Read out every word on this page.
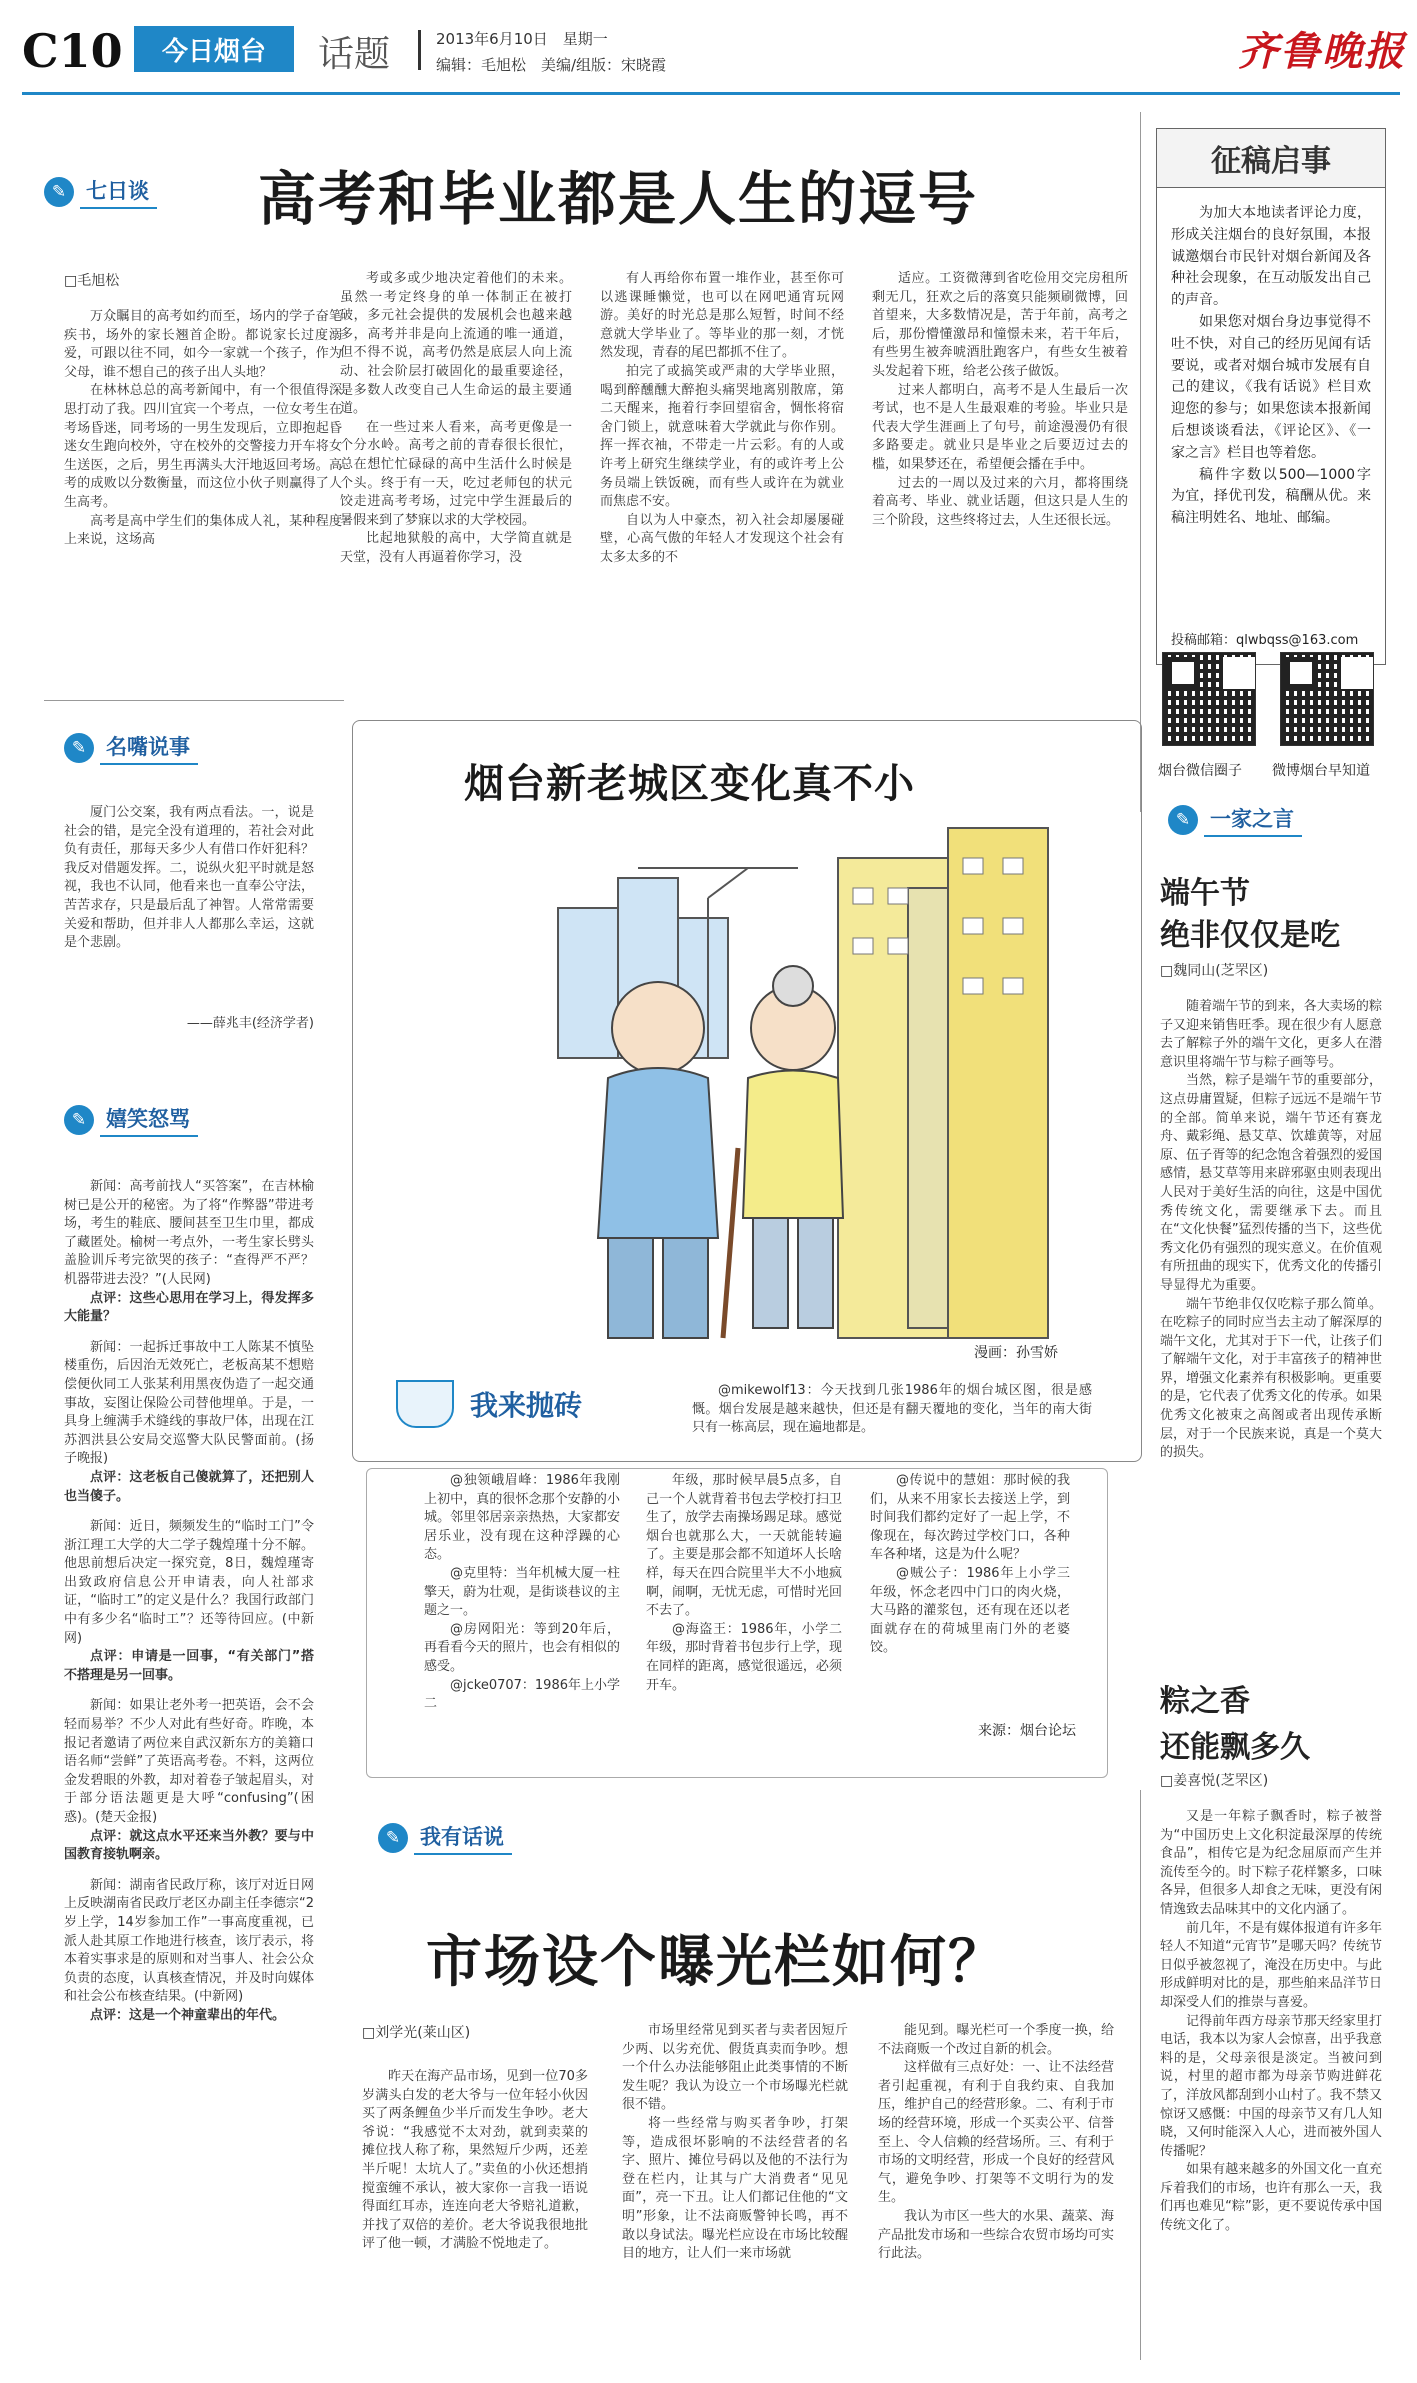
C10	今日烟台	话题	2013年6月10日　星期一
编辑：毛旭松　美编/组版：宋晓霞	齐鲁晚报
✎ 七日谈 高考和毕业都是人生的逗号
□毛旭松

万众瞩目的高考如约而至，场内的学子奋笔疾书，场外的家长翘首企盼。都说家长过度溺爱，可跟以往不同，如今一家就一个孩子，作为父母，谁不想自己的孩子出人头地？

在林林总总的高考新闻中，有一个很值得深思打动了我。四川宜宾一个考点，一位女考生在考场昏迷，同考场的一男生发现后，立即抱起昏迷女生跑向校外，守在校外的交警接力开车将女生送医，之后，男生再满头大汗地返回考场。高考的成败以分数衡量，而这位小伙子则赢得了人生高考。

高考是高中学生们的集体成人礼，某种程度上来说，这场高

考或多或少地决定着他们的未来。虽然一考定终身的单一体制正在被打破，多元社会提供的发展机会也越来越多，高考并非是向上流通的唯一通道，但不得不说，高考仍然是底层人向上流动、社会阶层打破固化的最重要途径，是多数人改变自己人生命运的最主要通道。

在一些过来人看来，高考更像是一个分水岭。高考之前的青春很长很忙，总在想忙忙碌碌的高中生活什么时候是个头。终于有一天，吃过老师包的状元饺走进高考考场，过完中学生涯最后的暑假来到了梦寐以求的大学校园。

比起地狱般的高中，大学简直就是天堂，没有人再逼着你学习，没

有人再给你布置一堆作业，甚至你可以逃课睡懒觉，也可以在网吧通宵玩网游。美好的时光总是那么短暂，时间不经意就大学毕业了。等毕业的那一刻，才恍然发现，青春的尾巴都抓不住了。

拍完了或搞笑或严肃的大学毕业照，喝到醉醺醺大醉抱头痛哭地离别散席，第二天醒来，拖着行李回望宿舍，惆怅将宿舍门锁上，就意味着大学就此与你作别。挥一挥衣袖，不带走一片云彩。有的人或许考上研究生继续学业，有的或许考上公务员端上铁饭碗，而有些人或许在为就业而焦虑不安。

自以为人中豪杰，初入社会却屡屡碰壁，心高气傲的年轻人才发现这个社会有太多太多的不

适应。工资微薄到省吃俭用交完房租所剩无几，狂欢之后的落寞只能频刷微博，回首望来，大多数情况是，苦于年前，高考之后，那份懵懂激昂和憧憬未来，若干年后，有些男生被奔唬酒肚跑客户，有些女生被着头发起着下班，给老公孩子做饭。

过来人都明白，高考不是人生最后一次考试，也不是人生最艰难的考验。毕业只是代表大学生涯画上了句号，前途漫漫仍有很多路要走。就业只是毕业之后要迈过去的槛，如果梦还在，希望便会播在手中。

过去的一周以及过来的六月，都将围绕着高考、毕业、就业话题，但这只是人生的三个阶段，这些终将过去，人生还很长远。

征稿启事

为加大本地读者评论力度，形成关注烟台的良好氛围，本报诚邀烟台市民针对烟台新闻及各种社会现象，在互动版发出自己的声音。

如果您对烟台身边事觉得不吐不快，对自己的经历见闻有话要说，或者对烟台城市发展有自己的建议，《我有话说》栏目欢迎您的参与；如果您读本报新闻后想谈谈看法，《评论区》、《一家之言》栏目也等着您。

稿件字数以500—1000字为宜，择优刊发，稿酬从优。来稿注明姓名、地址、邮编。

投稿邮箱：qlwbqss@163.com
烟台微信圈子 微博烟台早知道
✎ 名嘴说事

厦门公交案，我有两点看法。一，说是社会的错，是完全没有道理的，若社会对此负有责任，那每天多少人有借口作奸犯科？我反对借题发挥。二，说纵火犯平时就是怒视，我也不认同，他看来也一直奉公守法，苦苦求存，只是最后乱了神智。人常常需要关爱和帮助，但并非人人都那么幸运，这就是个悲剧。

——薛兆丰(经济学者)
✎ 嬉笑怒骂

新闻：高考前找人“买答案”，在吉林榆树已是公开的秘密。为了将“作弊器”带进考场，考生的鞋底、腰间甚至卫生巾里，都成了藏匿处。榆树一考点外，一考生家长劈头盖脸训斥考完欲哭的孩子：“查得严不严？机器带进去没？”(人民网)

点评：这些心思用在学习上，得发挥多大能量？

新闻：一起拆迁事故中工人陈某不慎坠楼重伤，后因治无效死亡，老板高某不想赔偿便伙同工人张某利用黑夜伪造了一起交通事故，妄图让保险公司替他埋单。于是，一具身上缠满手术缝线的事故尸体，出现在江苏泗洪县公安局交巡警大队民警面前。(扬子晚报)

点评：这老板自己傻就算了，还把别人也当傻子。

新闻：近日，频频发生的“临时工门”令浙江理工大学的大二学子魏煌瑾十分不解。他思前想后决定一探究竟，8日，魏煌瑾寄出致政府信息公开申请表，向人社部求证，“临时工”的定义是什么？我国行政部门中有多少名“临时工”？还等待回应。(中新网)

点评：申请是一回事，“有关部门”搭不搭理是另一回事。

新闻：如果让老外考一把英语，会不会轻而易举？不少人对此有些好奇。昨晚，本报记者邀请了两位来自武汉新东方的美籍口语名师“尝鲜”了英语高考卷。不料，这两位金发碧眼的外教，却对着卷子皱起眉头，对于部分语法题更是大呼“confusing”(困惑)。(楚天金报)

点评：就这点水平还来当外教？要与中国教育接轨啊亲。

新闻：湖南省民政厅称，该厅对近日网上反映湖南省民政厅老区办副主任李德宗“2岁上学，14岁参加工作”一事高度重视，已派人赴其原工作地进行核查，该厅表示，将本着实事求是的原则和对当事人、社会公众负责的态度，认真核查情况，并及时向媒体和社会公布核查结果。(中新网)

点评：这是一个神童辈出的年代。

烟台新老城区变化真不小
漫画：孙雪娇
我来抛砖	@mikewolf13：今天找到几张1986年的烟台城区图，很是感慨。烟台发展是越来越快，但还是有翻天覆地的变化，当年的南大街只有一栋高层，现在遍地都是。

@独领峨眉峰：1986年我刚上初中，真的很怀念那个安静的小城。邻里邻居亲亲热热，大家都安居乐业，没有现在这种浮躁的心态。

@克里特：当年机械大厦一柱擎天，蔚为壮观，是街谈巷议的主题之一。

@房网阳光：等到20年后，再看看今天的照片，也会有相似的感受。

@jcke0707：1986年上小学二

年级，那时候早晨5点多，自己一个人就背着书包去学校打扫卫生了，放学去南操场踢足球。感觉烟台也就那么大，一天就能转遍了。主要是那会都不知道坏人长啥样，每天在四合院里半大不小地疯啊，闹啊，无忧无虑，可惜时光回不去了。

@海盗王：1986年，小学二年级，那时背着书包步行上学，现在同样的距离，感觉很遥远，必须开车。

@传说中的慧姐：那时候的我们，从来不用家长去接送上学，到时间我们都约定好了一起上学，不像现在，每次跨过学校门口，各种车各种堵，这是为什么呢？

@贼公子：1986年上小学三年级，怀念老四中门口的肉火烧，大马路的灌浆包，还有现在还以老面就存在的荷城里南门外的老婆饺。

来源：烟台论坛
✎ 一家之言
端午节
绝非仅仅是吃
□魏同山(芝罘区)

随着端午节的到来，各大卖场的粽子又迎来销售旺季。现在很少有人愿意去了解粽子外的端午文化，更多人在潜意识里将端午节与粽子画等号。

当然，粽子是端午节的重要部分，这点毋庸置疑，但粽子远远不是端午节的全部。简单来说，端午节还有赛龙舟、戴彩绳、悬艾草、饮雄黄等，对屈原、伍子胥等的纪念饱含着强烈的爱国感情，悬艾草等用来辟邪驱虫则表现出人民对于美好生活的向往，这是中国优秀传统文化，需要继承下去。而且在“文化快餐”猛烈传播的当下，这些优秀文化仍有强烈的现实意义。在价值观有所扭曲的现实下，优秀文化的传播引导显得尤为重要。

端午节绝非仅仅吃粽子那么简单。在吃粽子的同时应当去主动了解深厚的端午文化，尤其对于下一代，让孩子们了解端午文化，对于丰富孩子的精神世界，增强文化素养有积极影响。更重要的是，它代表了优秀文化的传承。如果优秀文化被束之高阁或者出现传承断层，对于一个民族来说，真是一个莫大的损失。

粽之香
还能飘多久
□姜喜悦(芝罘区)

又是一年粽子飘香时，粽子被誉为“中国历史上文化积淀最深厚的传统食品”，相传它是为纪念屈原而产生并流传至今的。时下粽子花样繁多，口味各异，但很多人却食之无味，更没有闲情逸致去品味其中的文化内涵了。

前几年，不是有媒体报道有许多年轻人不知道“元宵节”是哪天吗？传统节日似乎被忽视了，淹没在历史中。与此形成鲜明对比的是，那些舶来品洋节日却深受人们的推崇与喜爱。

记得前年西方母亲节那天经家里打电话，我本以为家人会惊喜，出乎我意料的是，父母亲很是淡定。当被问到说，村里的超市都为母亲节购进鲜花了，洋放风都刮到小山村了。我不禁又惊讶又感慨：中国的母亲节又有几人知晓，又何时能深入人心，进而被外国人传播呢？

如果有越来越多的外国文化一直充斥着我们的市场，也许有那么一天，我们再也难见“粽”影，更不要说传承中国传统文化了。

✎ 我有话说
市场设个曝光栏如何？
□刘学光(莱山区)

昨天在海产品市场，见到一位70多岁满头白发的老大爷与一位年轻小伙因买了两条鲤鱼少半斤而发生争吵。老大爷说：“我感觉不太对劲，就到卖菜的摊位找人称了称，果然短斤少两，还差半斤呢！太坑人了。”卖鱼的小伙还想捎搅蛮缠不承认，被大家你一言我一语说得面红耳赤，连连向老大爷赔礼道歉，并找了双倍的差价。老大爷说我很地批评了他一顿，才满脸不悦地走了。

市场里经常见到买者与卖者因短斤少两、以劣充优、假货真卖而争吵。想一个什么办法能够阻止此类事情的不断发生呢？我认为设立一个市场曝光栏就很不错。

将一些经常与购买者争吵，打架等，造成很坏影响的不法经营者的名字、照片、摊位号码以及他的不法行为登在栏内，让其与广大消费者“见见面”，亮一下丑。让人们都记住他的“文明”形象，让不法商贩警钟长鸣，再不敢以身试法。曝光栏应设在市场比较醒目的地方，让人们一来市场就

能见到。曝光栏可一个季度一换，给不法商贩一个改过自新的机会。

这样做有三点好处：一、让不法经营者引起重视，有利于自我约束、自我加压，维护自己的经营形象。二、有利于市场的经营环境，形成一个买卖公平、信誉至上、令人信赖的经营场所。三、有利于市场的文明经营，形成一个良好的经营风气，避免争吵、打架等不文明行为的发生。

我认为市区一些大的水果、蔬菜、海产品批发市场和一些综合农贸市场均可实行此法。
